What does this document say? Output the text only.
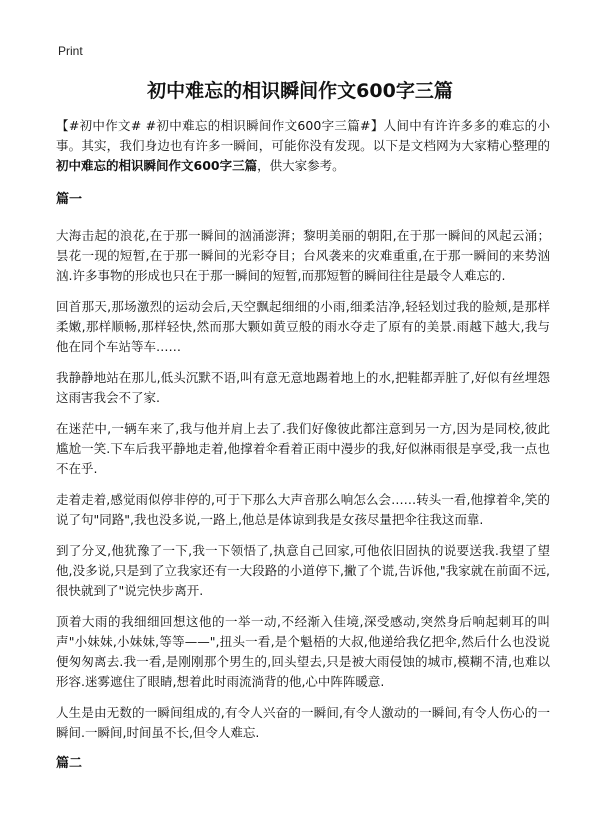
Print
初中难忘的相识瞬间作文600字三篇

【#初中作文# #初中难忘的相识瞬间作文600字三篇#】人间中有许许多多的难忘的小事。其实，我们身边也有许多一瞬间，可能你没有发现。以下是文档网为大家精心整理的初中难忘的相识瞬间作文600字三篇，供大家参考。

篇一

大海击起的浪花,在于那一瞬间的汹涌澎湃；黎明美丽的朝阳,在于那一瞬间的风起云涌；昙花一现的短暂,在于那一瞬间的光彩夺目；台风袭来的灾难重重,在于那一瞬间的来势汹汹.许多事物的形成也只在于那一瞬间的短暂,而那短暂的瞬间往往是最令人难忘的.

回首那天,那场激烈的运动会后,天空飘起细细的小雨,细柔洁净,轻轻划过我的脸颊,是那样柔嫩,那样顺畅,那样轻快,然而那大颗如黄豆般的雨水夺走了原有的美景.雨越下越大,我与他在同个车站等车……

我静静地站在那儿,低头沉默不语,叫有意无意地踢着地上的水,把鞋都弄脏了,好似有丝埋怨这雨害我会不了家.

在迷茫中,一辆车来了,我与他并肩上去了.我们好像彼此都注意到另一方,因为是同校,彼此尴尬一笑.下车后我平静地走着,他撑着伞看着正雨中漫步的我,好似淋雨很是享受,我一点也不在乎.

走着走着,感觉雨似停非停的,可于下那么大声音那么响怎么会……转头一看,他撑着伞,笑的说了句"同路",我也没多说,一路上,他总是体谅到我是女孩尽量把伞往我这而靠.

到了分叉,他犹豫了一下,我一下领悟了,执意自己回家,可他依旧固执的说要送我.我望了望他,没多说,只是到了立我家还有一大段路的小道停下,撇了个谎,告诉他,"我家就在前面不远,很快就到了"说完快步离开.

顶着大雨的我细细回想这他的一举一动,不经渐入佳境,深受感动,突然身后响起刺耳的叫声"小妹妹,小妹妹,等等——",扭头一看,是个魁梧的大叔,他递给我亿把伞,然后什么也没说便匆匆离去.我一看,是刚刚那个男生的,回头望去,只是被大雨侵蚀的城市,模糊不清,也难以形容.迷雾遮住了眼睛,想着此时雨流淌背的他,心中阵阵暖意.

人生是由无数的一瞬间组成的,有令人兴奋的一瞬间,有令人激动的一瞬间,有令人伤心的一瞬间.一瞬间,时间虽不长,但令人难忘.

篇二
